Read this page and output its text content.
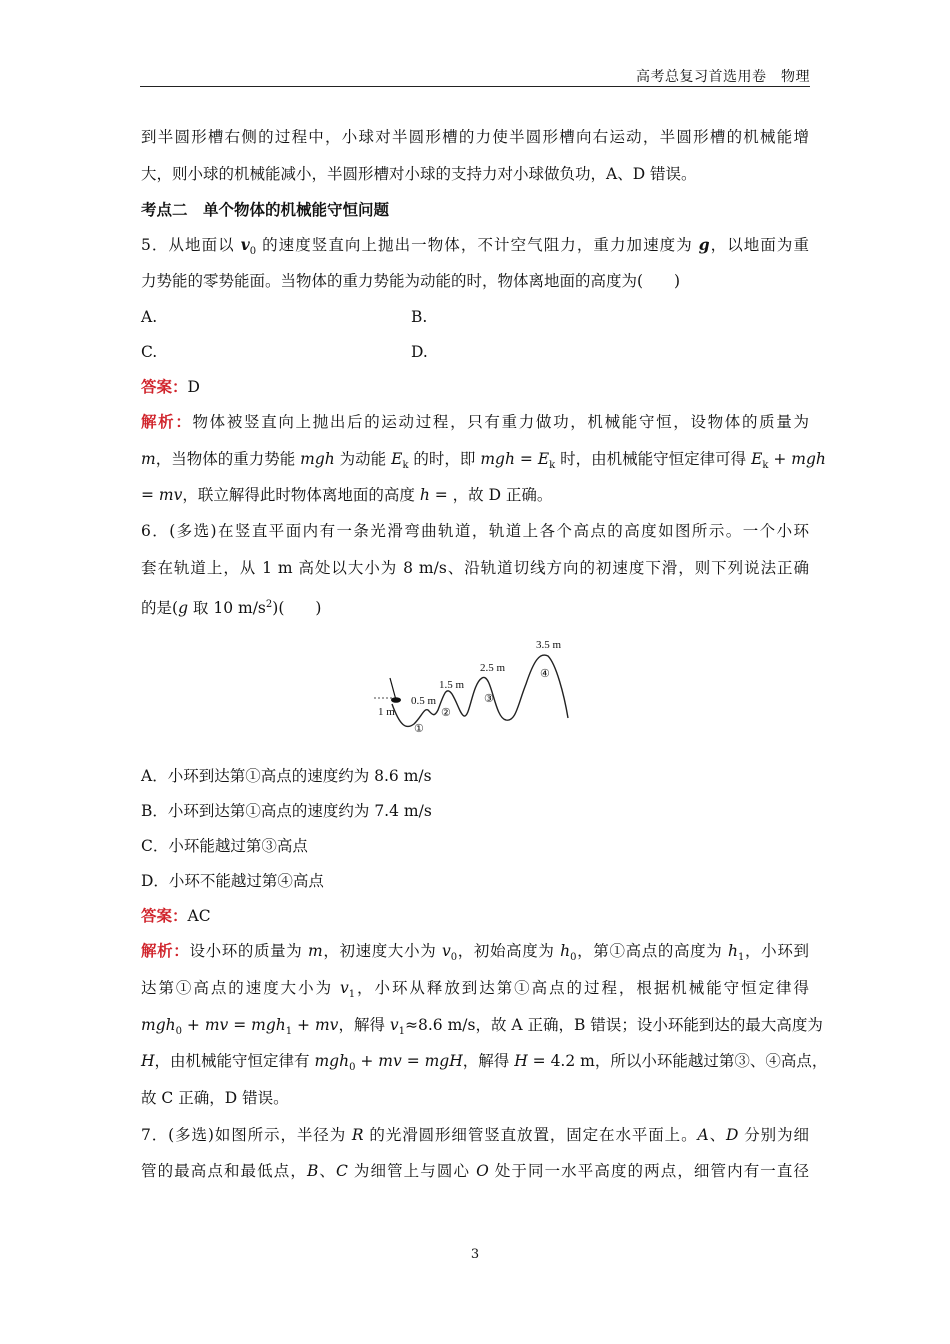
高考总复习首选用卷　物理
到半圆形槽右侧的过程中，小球对半圆形槽的力使半圆形槽向右运动，半圆形槽的机械能增
大，则小球的机械能减小，半圆形槽对小球的支持力对小球做负功，A、D 错误。
考点二　单个物体的机械能守恒问题
5．从地面以 $v_0$ 的速度竖直向上抛出一物体，不计空气阻力，重力加速度为 g，以地面为重
力势能的零势能面。当物体的重力势能为动能的时，物体离地面的高度为(　　)
A.	B.
C.	D.
答案：D
解析：物体被竖直向上抛出后的运动过程，只有重力做功，机械能守恒，设物体的质量为
m，当物体的重力势能 mgh 为动能 $E_k$ 的时，即 mgh = $E_k$ 时，由机械能守恒定律可得 $E_k$ + mgh
= mv，联立解得此时物体离地面的高度 h = ，故 D 正确。
6．(多选)在竖直平面内有一条光滑弯曲轨道，轨道上各个高点的高度如图所示。一个小环
套在轨道上，从 1 m 高处以大小为 8 m/s、沿轨道切线方向的初速度下滑，则下列说法正确
的是(g 取 10 $m/s^2$)(　　)
1 m
0.5 m
1.5 m
2.5 m
3.5 m
①
②
③
④
A．小环到达第①高点的速度约为 8.6 m/s
B．小环到达第①高点的速度约为 7.4 m/s
C．小环能越过第③高点
D．小环不能越过第④高点
答案：AC
解析：设小环的质量为 m，初速度大小为 $v_0$，初始高度为 $h_0$，第①高点的高度为 $h_1$，小环到
达第①高点的速度大小为 $v_1$，小环从释放到达第①高点的过程，根据机械能守恒定律得
mgh$_0$ + mv = mgh$_1$ + mv，解得 $v_1\approx 8.6$ m/s，故 A 正确，B 错误；设小环能到达的最大高度为
H，由机械能守恒定律有 mgh$_0$ + mv = mgH，解得 H = 4.2 m，所以小环能越过第③、④高点，
故 C 正确，D 错误。
7．(多选)如图所示，半径为 R 的光滑圆形细管竖直放置，固定在水平面上。A、D 分别为细
管的最高点和最低点，B、C 为细管上与圆心 O 处于同一水平高度的两点，细管内有一直径
3
